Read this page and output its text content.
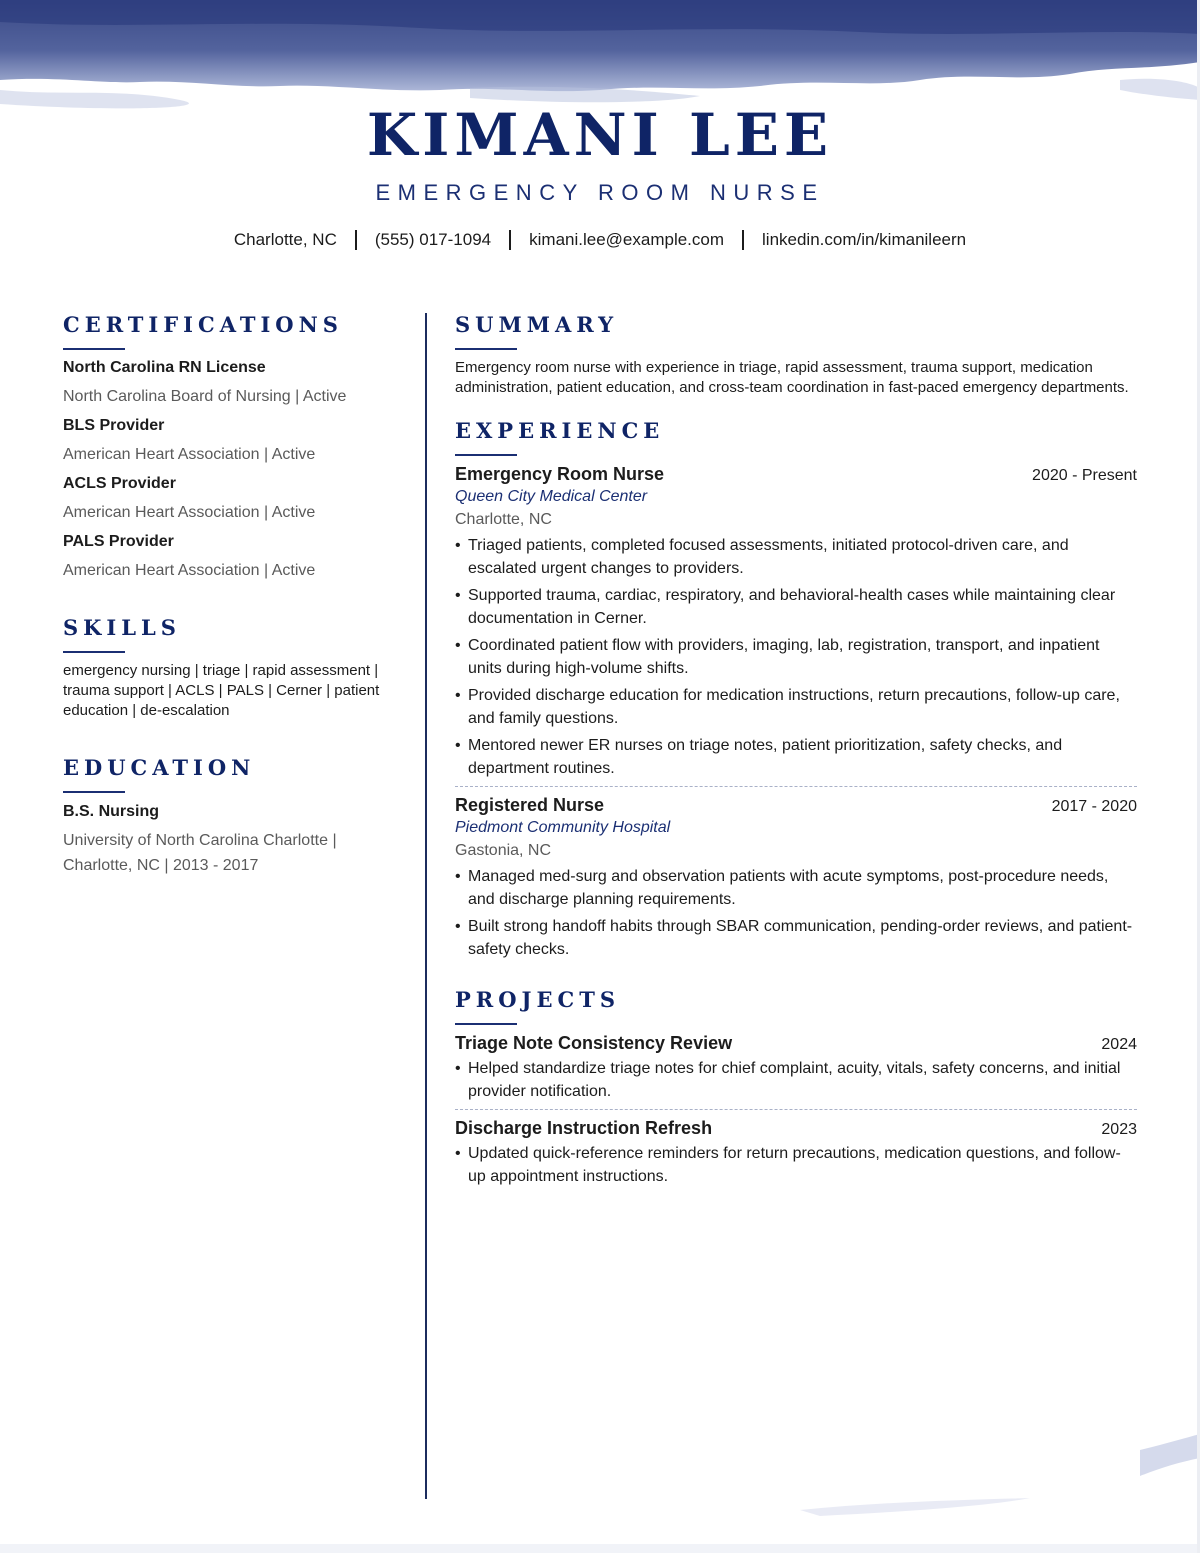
KIMANI LEE
EMERGENCY ROOM NURSE
Charlotte, NC (555) 017-1094 kimani.lee@example.com linkedin.com/in/kimanileern
CERTIFICATIONS
North Carolina RN License
North Carolina Board of Nursing | Active
BLS Provider
American Heart Association | Active
ACLS Provider
American Heart Association | Active
PALS Provider
American Heart Association | Active
SKILLS
emergency nursing | triage | rapid assessment | trauma support | ACLS | PALS | Cerner | patient education | de-escalation
EDUCATION
B.S. Nursing
University of North Carolina Charlotte |
Charlotte, NC | 2013 - 2017
SUMMARY
Emergency room nurse with experience in triage, rapid assessment, trauma support, medication administration, patient education, and cross-team coordination in fast-paced emergency departments.
EXPERIENCE
Emergency Room Nurse	2020 - Present
Queen City Medical Center
Charlotte, NC
• Triaged patients, completed focused assessments, initiated protocol-driven care, and escalated urgent changes to providers.
• Supported trauma, cardiac, respiratory, and behavioral-health cases while maintaining clear documentation in Cerner.
• Coordinated patient flow with providers, imaging, lab, registration, transport, and inpatient units during high-volume shifts.
• Provided discharge education for medication instructions, return precautions, follow-up care, and family questions.
• Mentored newer ER nurses on triage notes, patient prioritization, safety checks, and department routines.
Registered Nurse	2017 - 2020
Piedmont Community Hospital
Gastonia, NC
• Managed med-surg and observation patients with acute symptoms, post-procedure needs, and discharge planning requirements.
• Built strong handoff habits through SBAR communication, pending-order reviews, and patient-safety checks.
PROJECTS
Triage Note Consistency Review	2024
• Helped standardize triage notes for chief complaint, acuity, vitals, safety concerns, and initial provider notification.
Discharge Instruction Refresh	2023
• Updated quick-reference reminders for return precautions, medication questions, and follow-up appointment instructions.
